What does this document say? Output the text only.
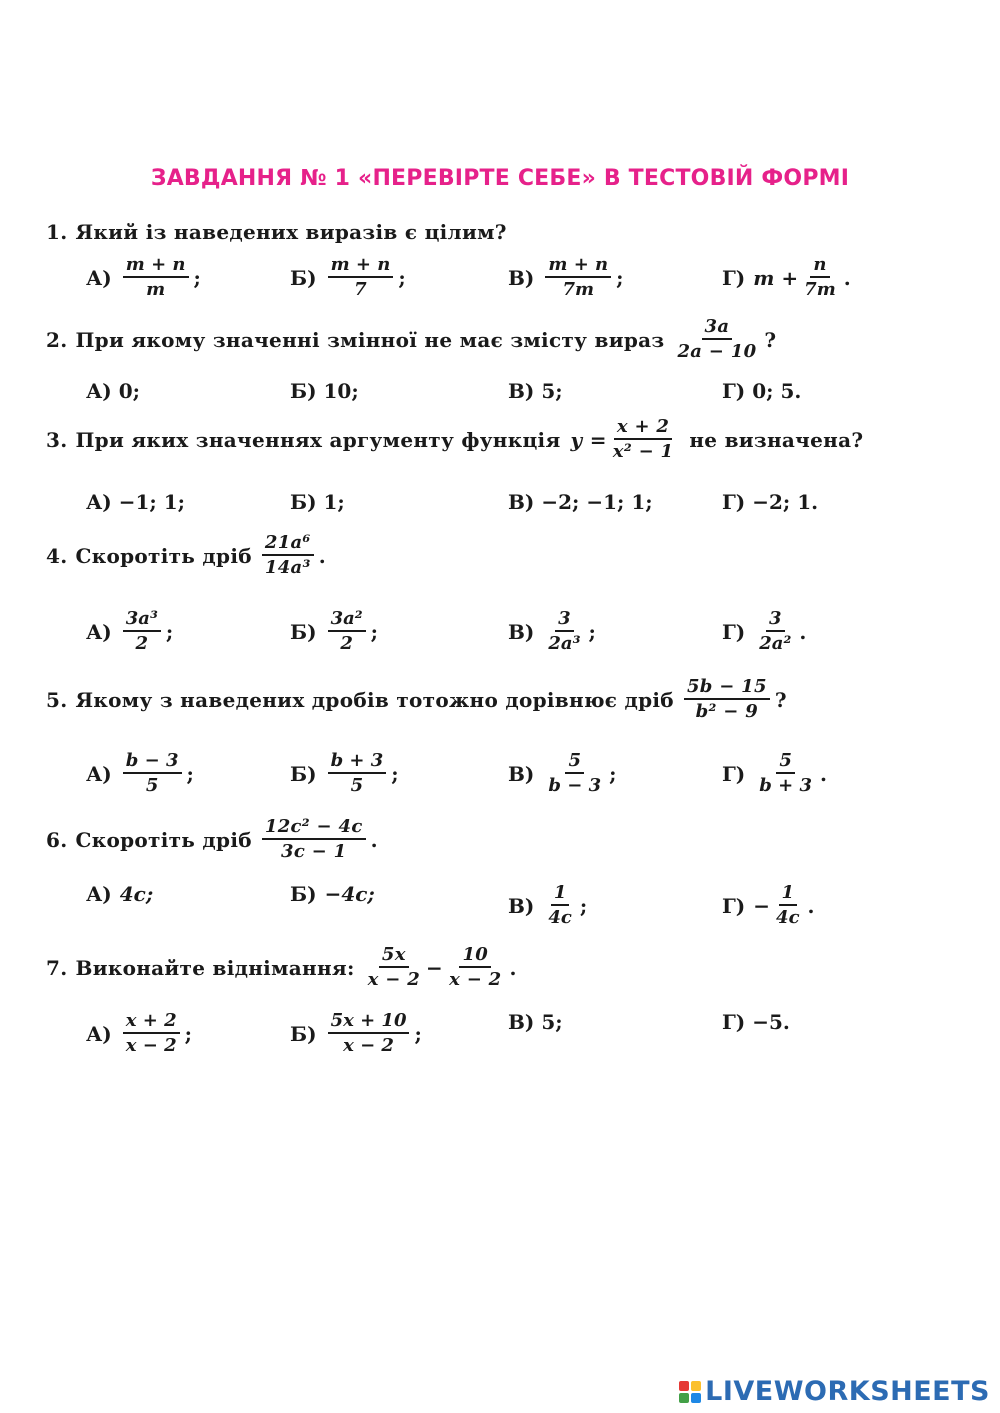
ЗАВДАННЯ № 1 «ПЕРЕВІРТЕ СЕБЕ» В ТЕСТОВІЙ ФОРМІ
1. Який із наведених виразів є цілим?
$А) \frac{m + n}{m}$ ;	$Б) \frac{m + n}{7}$ ;	$В) \frac{m + n}{7m}$ ;	Г) $m + \frac{n}{7m}$ .
2. При якому значенні змінної не має змісту вираз $\frac{3a}{2a - 10}$ ?
А) 0;	Б) 10;	В) 5;	Г) 0; 5.
3. При яких значеннях аргументу функція $y = \frac{x + 2}{\text{x² − 1}}$ не визначена?
А) −1; 1;	Б) 1;	В) −2; −1; 1;	Г) −2; 1.
4. Скоротіть дріб $\frac{\text{21a⁶}}{\text{14a³}}$ .
$А) \frac{\text{3a³}}{2}$ ;	$Б) \frac{\text{3a²}}{2}$ ;	$В) \frac{3}{\text{2a³}}$ ;	$Г) \frac{3}{\text{2a²}}$ .
5. Якому з наведених дробів тотожно дорівнює дріб $\frac{5b - 15}{\text{b² − 9}}$ ?
$А) \frac{b - 3}{5}$ ;	$Б) \frac{b + 3}{5}$ ;	$В) \frac{5}{b - 3}$ ;	$Г) \frac{5}{b + 3}$ .
6. Скоротіть дріб $\frac{\text{12c² − 4c}}{3c - 1}$ .
А) 4c;	Б) −4c;	$В) \frac{1}{4c}$ ;	$Г) - \frac{1}{4c}$ .
7. Виконайте віднімання: $\frac{5x}{x - 2} - \frac{10}{x - 2}$ .
$А) \frac{x + 2}{x - 2}$ ;	$Б) \frac{5x + 10}{x - 2}$ ;	В) 5;	Г) −5.
LIVEWORKSHEETS
